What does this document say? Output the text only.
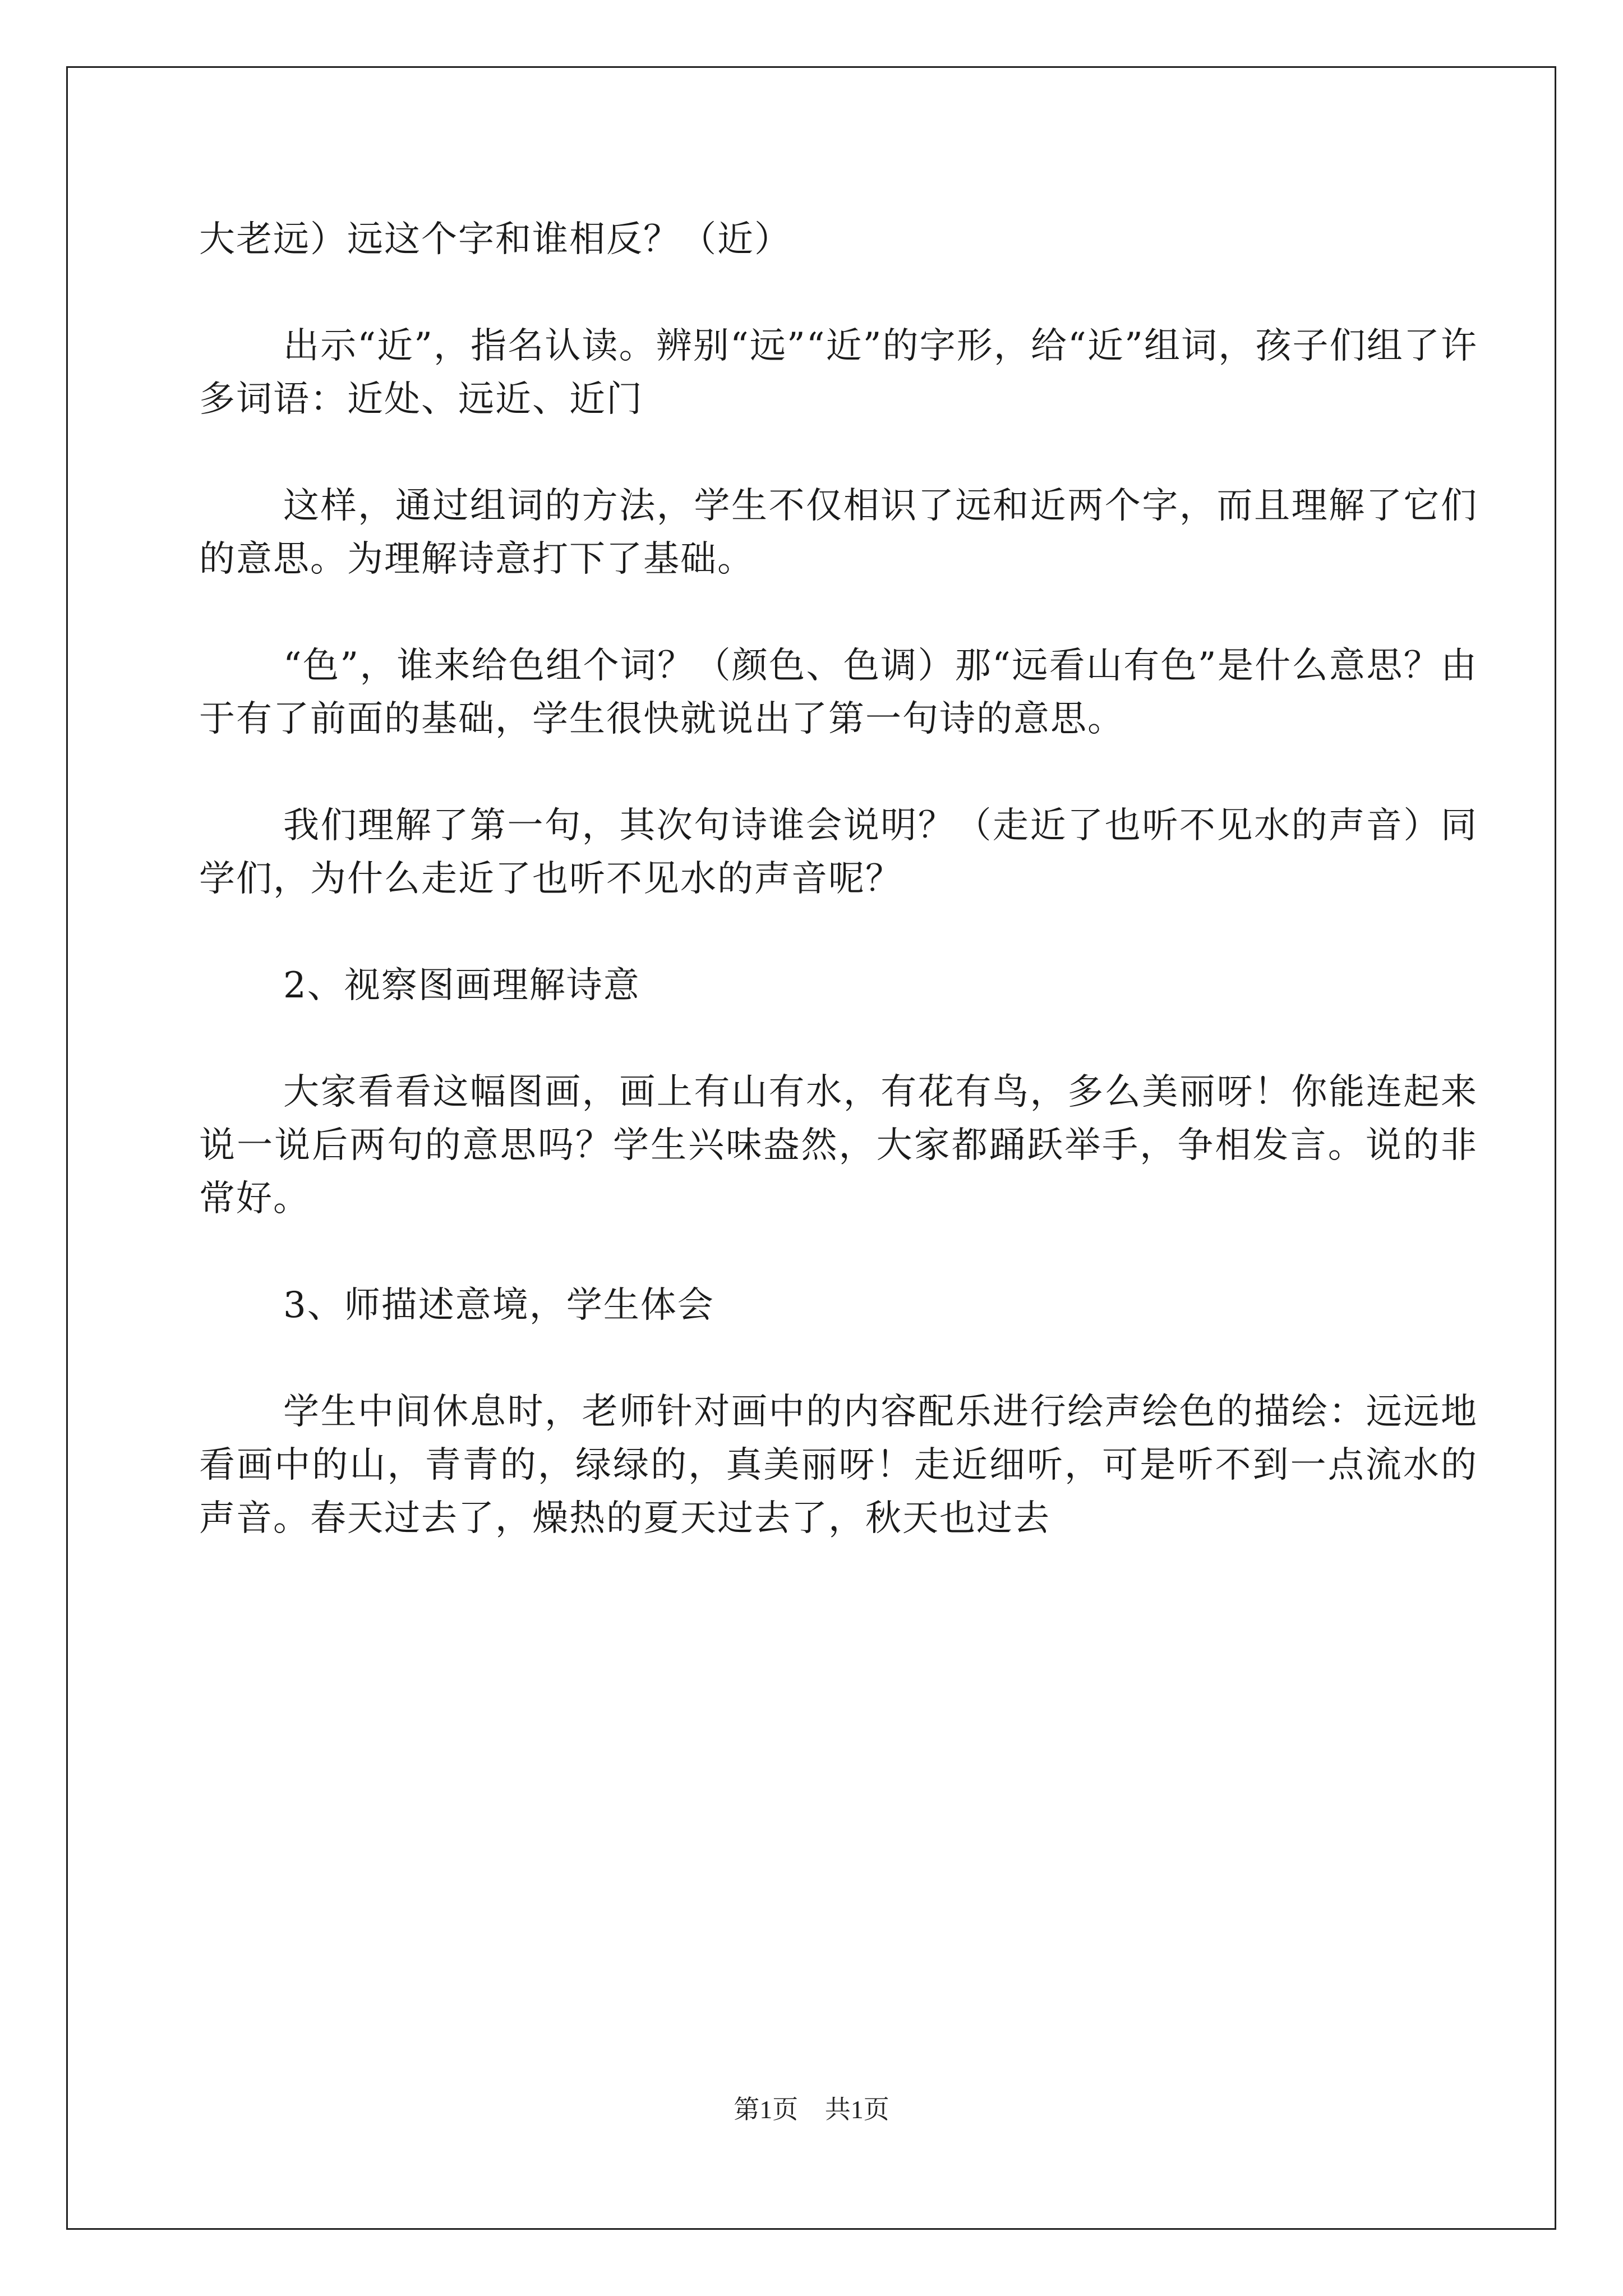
大老远）远这个字和谁相反？（近）

出示“近”，指名认读。辨别“远”“近”的字形，给“近”组词，孩子们组了许多词语：近处、远近、近门

这样，通过组词的方法，学生不仅相识了远和近两个字，而且理解了它们的意思。为理解诗意打下了基础。

“色”，谁来给色组个词？（颜色、色调）那“远看山有色”是什么意思？由于有了前面的基础，学生很快就说出了第一句诗的意思。

我们理解了第一句，其次句诗谁会说明？（走近了也听不见水的声音）同学们，为什么走近了也听不见水的声音呢？

2、视察图画理解诗意

大家看看这幅图画，画上有山有水，有花有鸟，多么美丽呀！你能连起来说一说后两句的意思吗？学生兴味盎然，大家都踊跃举手，争相发言。说的非常好。

3、师描述意境，学生体会

学生中间休息时，老师针对画中的内容配乐进行绘声绘色的描绘：远远地看画中的山，青青的，绿绿的，真美丽呀！走近细听，可是听不到一点流水的声音。春天过去了，燥热的夏天过去了，秋天也过去

第1页 共1页
